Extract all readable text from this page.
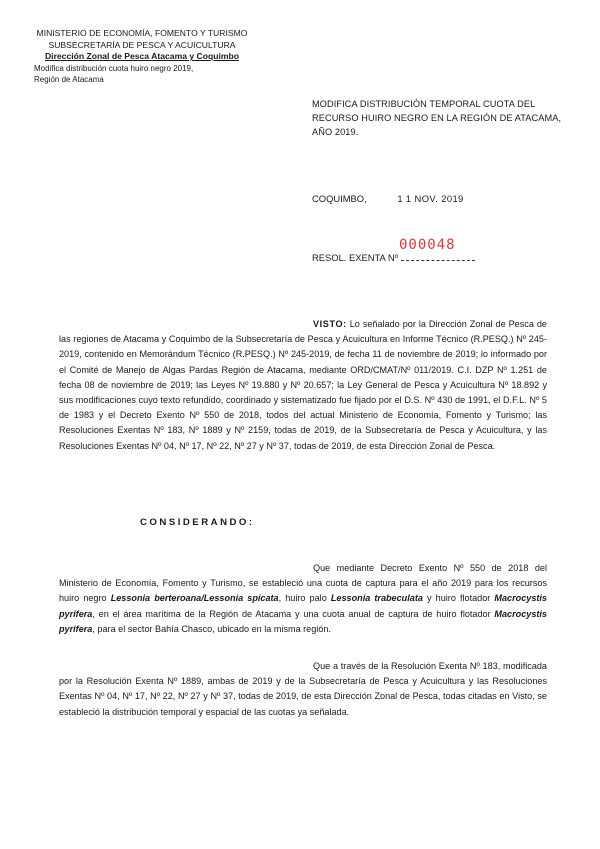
MINISTERIO DE ECONOMÍA, FOMENTO Y TURISMO
SUBSECRETARÍA DE PESCA Y ACUICULTURA
Dirección Zonal de Pesca Atacama y Coquimbo
Modifica distribución cuota huiro negro 2019,
Región de Atacama
MODIFICA DISTRIBUCIÓN TEMPORAL CUOTA DEL RECURSO HUIRO NEGRO EN LA REGIÓN DE ATACAMA, AÑO 2019.
COQUIMBO,	1 1 NOV. 2019
000048
RESOL. EXENTA Nº
VISTO: Lo señalado por la Dirección Zonal de Pesca de las regiones de Atacama y Coquimbo de la Subsecretaría de Pesca y Acuicultura en Informe Técnico (R.PESQ.) Nº 245-2019, contenido en Memorándum Técnico (R.PESQ.) Nº 245-2019, de fecha 11 de noviembre de 2019; lo informado por el Comité de Manejo de Algas Pardas Región de Atacama, mediante ORD/CMAT/Nº 011/2019. C.I. DZP Nº 1.251 de fecha 08 de noviembre de 2019; las Leyes Nº 19.880 y Nº 20.657; la Ley General de Pesca y Acuicultura Nº 18.892 y sus modificaciones cuyo texto refundido, coordinado y sistematizado fue fijado por el D.S. Nº 430 de 1991, el D.F.L. Nº 5 de 1983 y el Decreto Exento Nº 550 de 2018, todos del actual Ministerio de Economía, Fomento y Turismo; las Resoluciones Exentas Nº 183, Nº 1889 y Nº 2159, todas de 2019, de la Subsecretaría de Pesca y Acuicultura, y las Resoluciones Exentas Nº 04, Nº 17, Nº 22, Nº 27 y Nº 37, todas de 2019, de esta Dirección Zonal de Pesca.
CONSIDERANDO:
Que mediante Decreto Exento Nº 550 de 2018 del Ministerio de Economía, Fomento y Turismo, se estableció una cuota de captura para el año 2019 para los recursos huiro negro Lessonia berteroana/Lessonia spicata, huiro palo Lessonia trabeculata y huiro flotador Macrocystis pyrifera, en el área marítima de la Región de Atacama y una cuota anual de captura de huiro flotador Macrocystis pyrifera, para el sector Bahía Chasco, ubicado en la misma región.
Que a través de la Resolución Exenta Nº 183, modificada por la Resolución Exenta Nº 1889, ambas de 2019 y de la Subsecretaría de Pesca y Acuicultura y las Resoluciones Exentas Nº 04, Nº 17, Nº 22, Nº 27 y Nº 37, todas de 2019, de esta Dirección Zonal de Pesca, todas citadas en Visto, se estableció la distribución temporal y espacial de las cuotas ya señalada.
